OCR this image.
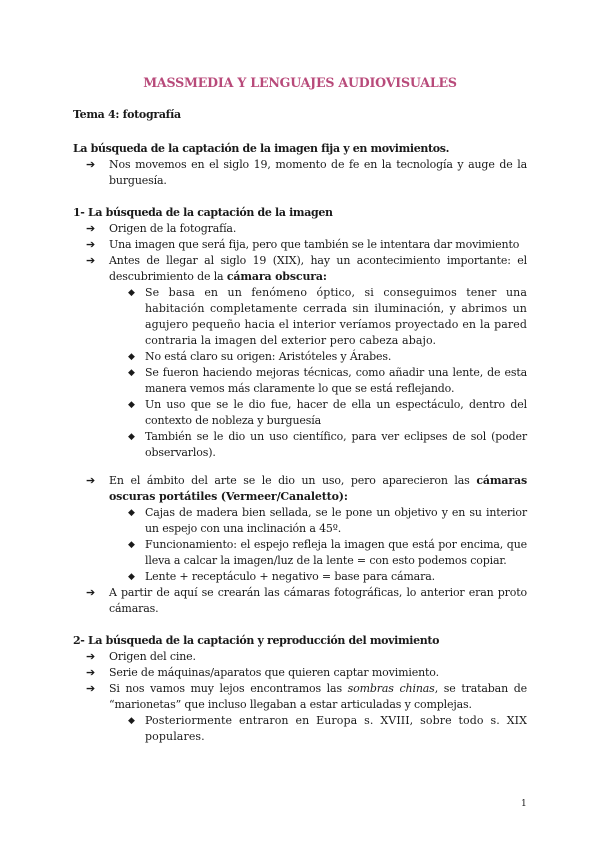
MASSMEDIA Y LENGUAJES AUDIOVISUALES
Tema 4: fotografía
La búsqueda de la captación de la imagen fija y en movimientos.
➔ Nos movemos en el siglo 19, momento de fe en la tecnología y auge de la burguesía.
1- La búsqueda de la captación de la imagen
➔ Origen de la fotografía.
➔ Una imagen que será fija, pero que también se le intentara dar movimiento
➔ Antes de llegar al siglo 19 (XIX), hay un acontecimiento importante: el descubrimiento de la cámara obscura:
◆ Se basa en un fenómeno óptico, si conseguimos tener una habitación completamente cerrada sin iluminación, y abrimos un agujero pequeño hacia el interior veríamos proyectado en la pared contraria la imagen del exterior pero cabeza abajo.
◆ No está claro su origen: Aristóteles y Árabes.
◆ Se fueron haciendo mejoras técnicas, como añadir una lente, de esta manera vemos más claramente lo que se está reflejando.
◆ Un uso que se le dio fue, hacer de ella un espectáculo, dentro del contexto de nobleza y burguesía
◆ También se le dio un uso científico, para ver eclipses de sol (poder observarlos).
➔ En el ámbito del arte se le dio un uso, pero aparecieron las cámaras oscuras portátiles (Vermeer/Canaletto):
◆ Cajas de madera bien sellada, se le pone un objetivo y en su interior un espejo con una inclinación a 45º.
◆ Funcionamiento: el espejo refleja la imagen que está por encima, que lleva a calcar la imagen/luz de la lente = con esto podemos copiar.
◆ Lente + receptáculo + negativo = base para cámara.
➔ A partir de aquí se crearán las cámaras fotográficas, lo anterior eran proto cámaras.
2- La búsqueda de la captación y reproducción del movimiento
➔ Origen del cine.
➔ Serie de máquinas/aparatos que quieren captar movimiento.
➔ Si nos vamos muy lejos encontramos las sombras chinas, se trataban de “marionetas” que incluso llegaban a estar articuladas y complejas.
◆ Posteriormente entraron en Europa s. XVIII, sobre todo s. XIX populares.
1
